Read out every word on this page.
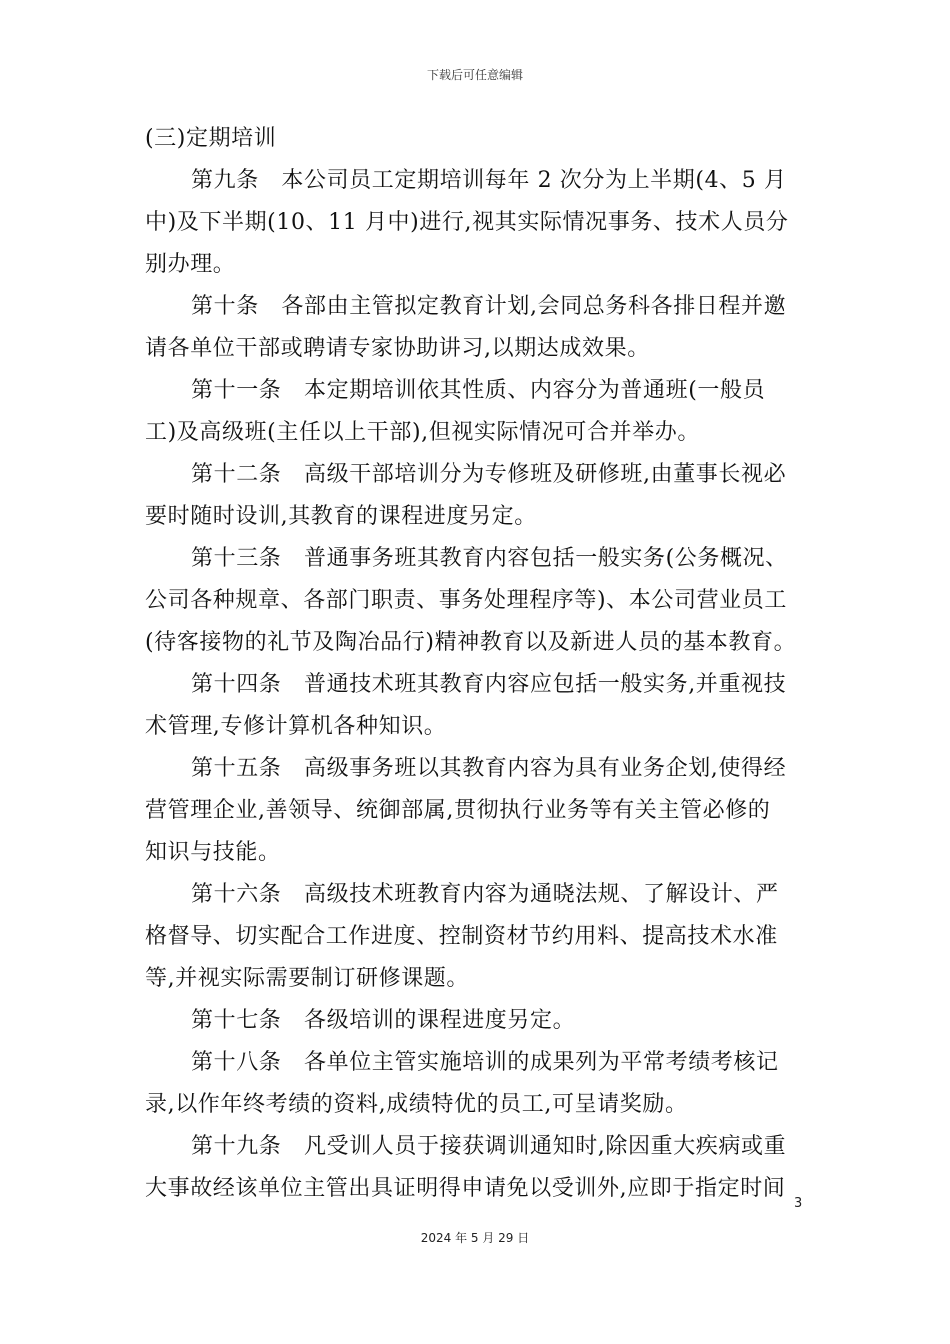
下载后可任意编辑
(三)定期培训
第九条　本公司员工定期培训每年 2 次分为上半期(4、5 月
中)及下半期(10、11 月中)进行,视其实际情况事务、技术人员分
别办理。
第十条　各部由主管拟定教育计划,会同总务科各排日程并邀
请各单位干部或聘请专家协助讲习,以期达成效果。
第十一条　本定期培训依其性质、内容分为普通班(一般员
工)及高级班(主任以上干部),但视实际情况可合并举办。
第十二条　高级干部培训分为专修班及研修班,由董事长视必
要时随时设训,其教育的课程进度另定。
第十三条　普通事务班其教育内容包括一般实务(公务概况、
公司各种规章、各部门职责、事务处理程序等)、本公司营业员工
(待客接物的礼节及陶冶品行)精神教育以及新进人员的基本教育。
第十四条　普通技术班其教育内容应包括一般实务,并重视技
术管理,专修计算机各种知识。
第十五条　高级事务班以其教育内容为具有业务企划,使得经
营管理企业,善领导、统御部属,贯彻执行业务等有关主管必修的
知识与技能。
第十六条　高级技术班教育内容为通晓法规、了解设计、严
格督导、切实配合工作进度、控制资材节约用料、提高技术水准
等,并视实际需要制订研修课题。
第十七条　各级培训的课程进度另定。
第十八条　各单位主管实施培训的成果列为平常考绩考核记
录,以作年终考绩的资料,成绩特优的员工,可呈请奖励。
第十九条　凡受训人员于接获调训通知时,除因重大疾病或重
大事故经该单位主管出具证明得申请免以受训外,应即于指定时间
3
2024 年 5 月 29 日
